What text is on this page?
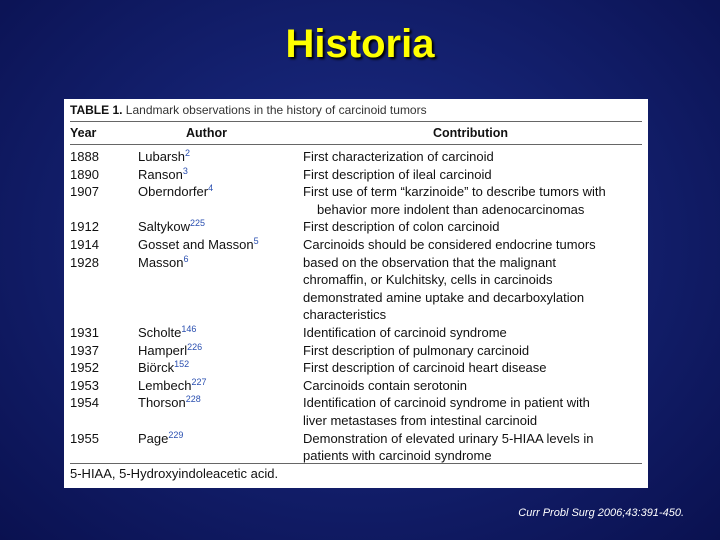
Historia
TABLE 1. Landmark observations in the history of carcinoid tumors
Year	Author	Contribution
1888	Lubarsh$^2$	First characterization of carcinoid
1890	Ranson$^3$	First description of ileal carcinoid
1907	Oberndorfer$^4$	First use of term “karzinoide” to describe tumors with
behavior more indolent than adenocarcinomas
1912	Saltykow$^{225}$	First description of colon carcinoid
1914	Gosset and Masson$^5$	Carcinoids should be considered endocrine tumors
1928	Masson$^6$	based on the observation that the malignant
chromaffin, or Kulchitsky, cells in carcinoids
demonstrated amine uptake and decarboxylation
characteristics
1931	Scholte$^{146}$	Identification of carcinoid syndrome
1937	Hamperl$^{226}$	First description of pulmonary carcinoid
1952	Biörck$^{152}$	First description of carcinoid heart disease
1953	Lembech$^{227}$	Carcinoids contain serotonin
1954	Thorson$^{228}$	Identification of carcinoid syndrome in patient with
liver metastases from intestinal carcinoid
1955	Page$^{229}$	Demonstration of elevated urinary 5-HIAA levels in
patients with carcinoid syndrome
5-HIAA, 5-Hydroxyindoleacetic acid.
Curr Probl Surg 2006;43:391-450.
